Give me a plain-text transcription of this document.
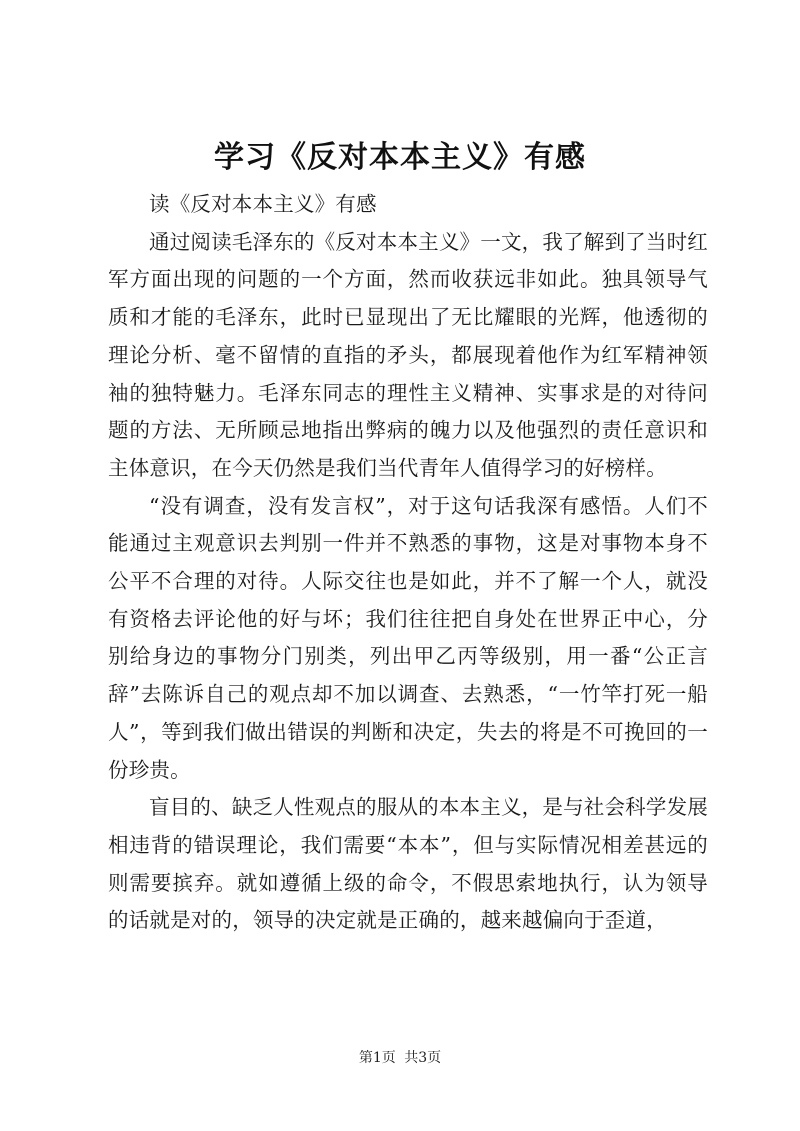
学习《反对本本主义》有感

读《反对本本主义》有感

通过阅读毛泽东的《反对本本主义》一文，我了解到了当时红军方面出现的问题的一个方面，然而收获远非如此。独具领导气质和才能的毛泽东，此时已显现出了无比耀眼的光辉，他透彻的理论分析、毫不留情的直指的矛头，都展现着他作为红军精神领袖的独特魅力。毛泽东同志的理性主义精神、实事求是的对待问题的方法、无所顾忌地指出弊病的魄力以及他强烈的责任意识和主体意识，在今天仍然是我们当代青年人值得学习的好榜样。

“没有调查，没有发言权”，对于这句话我深有感悟。人们不能通过主观意识去判别一件并不熟悉的事物，这是对事物本身不公平不合理的对待。人际交往也是如此，并不了解一个人，就没有资格去评论他的好与坏；我们往往把自身处在世界正中心，分别给身边的事物分门别类，列出甲乙丙等级别，用一番“公正言辞”去陈诉自己的观点却不加以调查、去熟悉，“一竹竿打死一船人”，等到我们做出错误的判断和决定，失去的将是不可挽回的一份珍贵。

盲目的、缺乏人性观点的服从的本本主义，是与社会科学发展相违背的错误理论，我们需要“本本”，但与实际情况相差甚远的则需要摈弃。就如遵循上级的命令，不假思索地执行，认为领导的话就是对的，领导的决定就是正确的，越来越偏向于歪道，

第1页 共3页
